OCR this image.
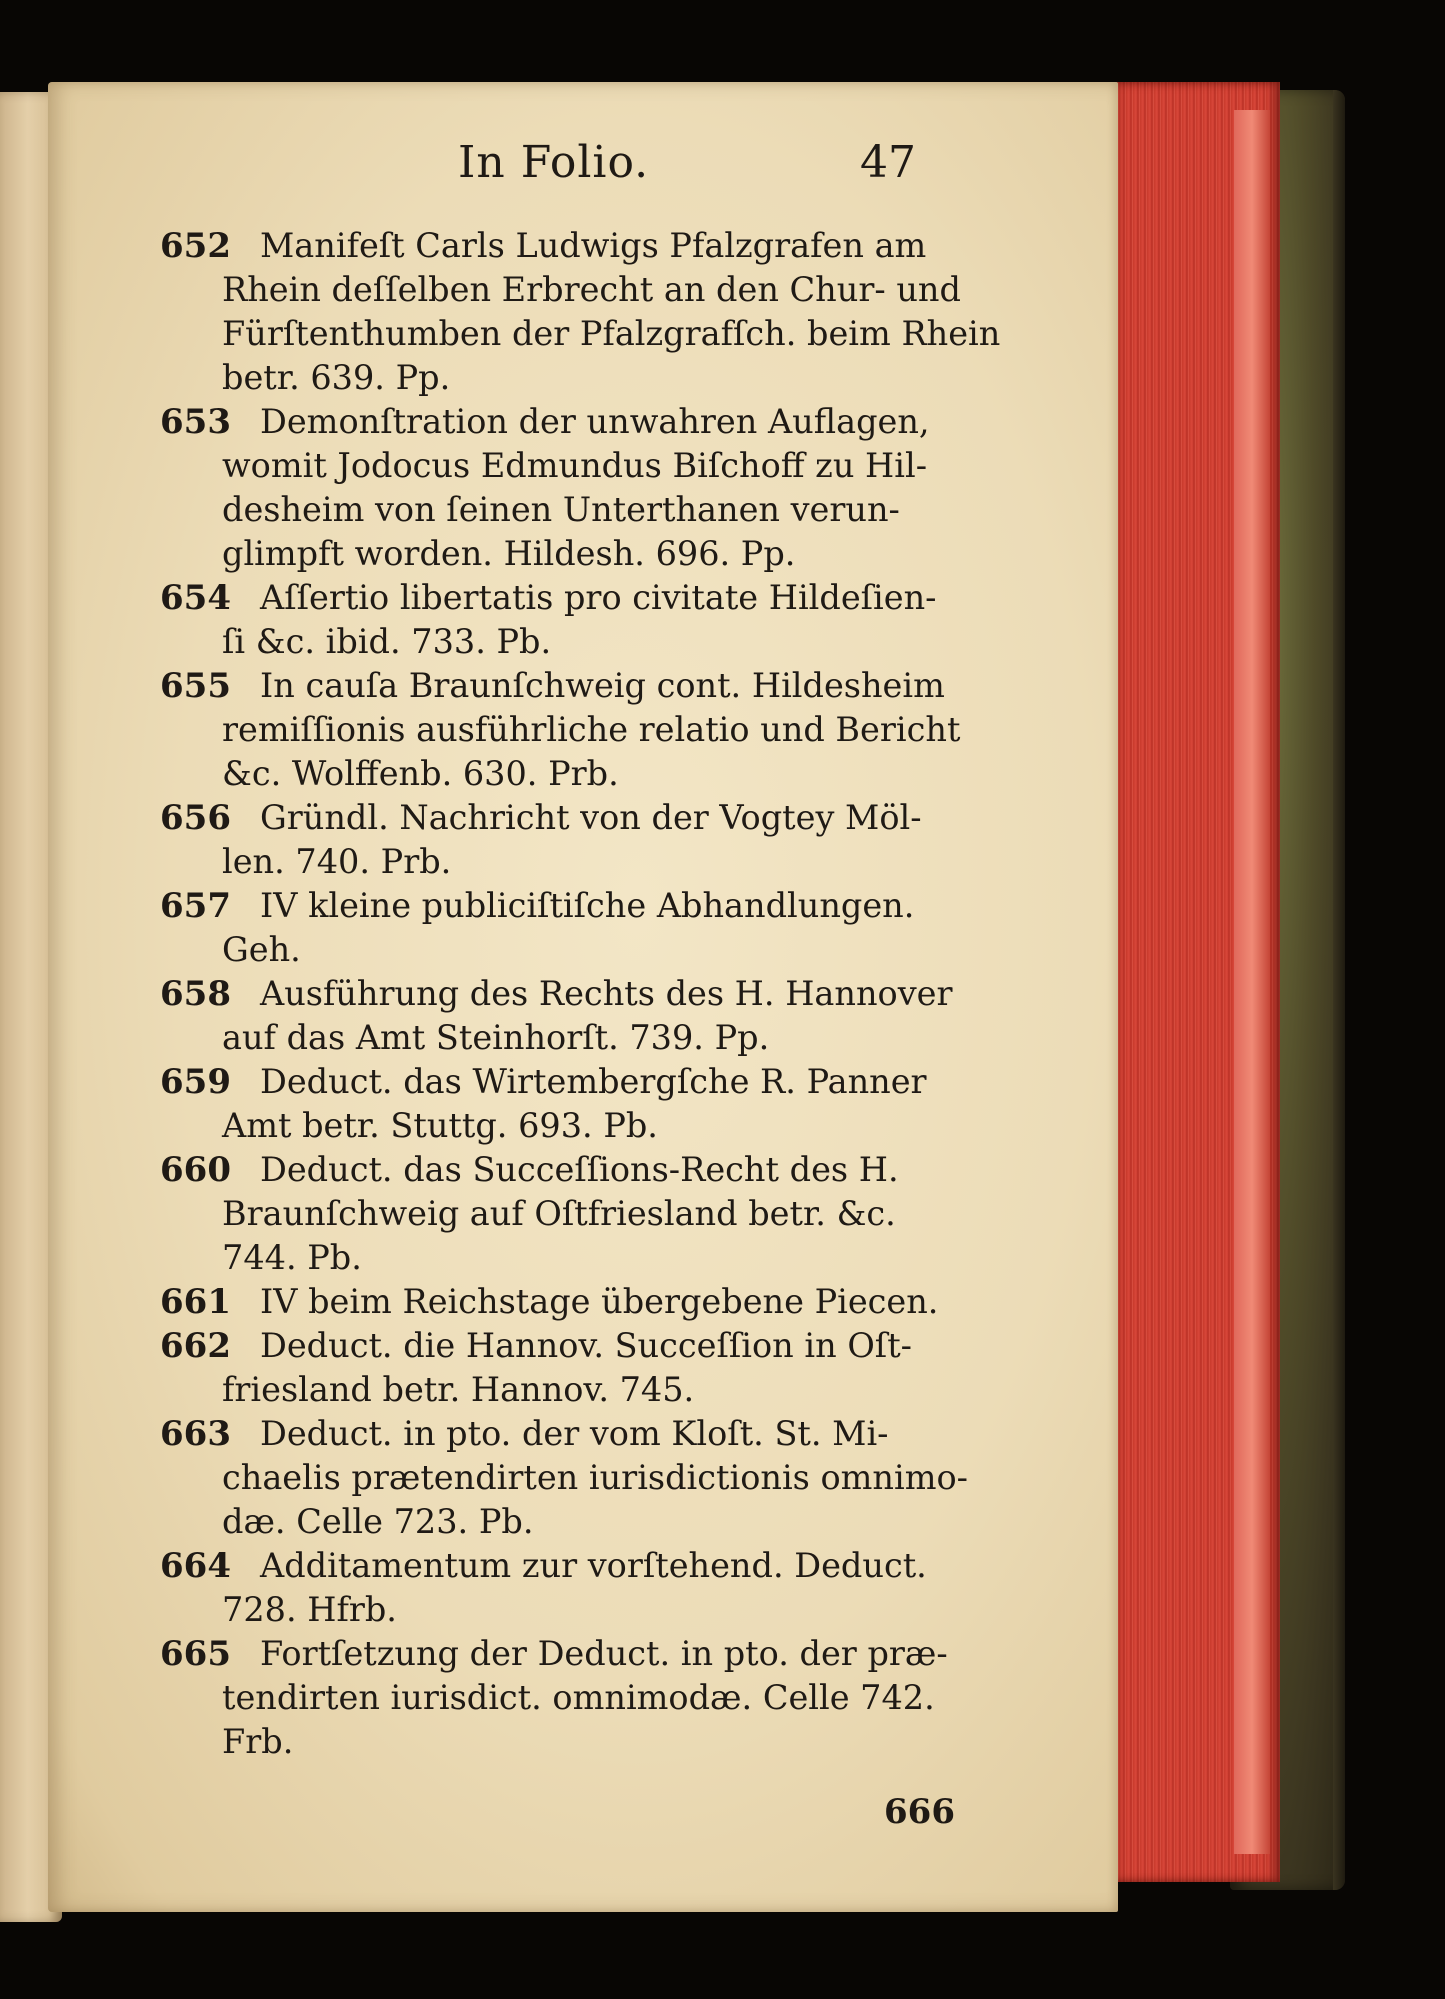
In Folio.	47
652 Manifeſt Carls Ludwigs Pfalzgrafen am
Rhein deſſelben Erbrecht an den Chur- und
Fürſtenthumben der Pfalzgrafſch. beim Rhein
betr. 639. Pp.
653 Demonſtration der unwahren Auflagen,
womit Jodocus Edmundus Biſchoff zu Hil-
desheim von ſeinen Unterthanen verun-
glimpft worden. Hildesh. 696. Pp.
654 Aſſertio libertatis pro civitate Hildeſien-
ſi &c. ibid. 733. Pb.
655 In cauſa Braunſchweig cont. Hildesheim
remiſſionis ausführliche relatio und Bericht
&c. Wolffenb. 630. Prb.
656 Gründl. Nachricht von der Vogtey Möl-
len. 740. Prb.
657 IV kleine publiciſtiſche Abhandlungen.
Geh.
658 Ausführung des Rechts des H. Hannover
auf das Amt Steinhorſt. 739. Pp.
659 Deduct. das Wirtembergſche R. Panner
Amt betr. Stuttg. 693. Pb.
660 Deduct. das Succeſſions-Recht des H.
Braunſchweig auf Oſtfriesland betr. &c.
744. Pb.
661 IV beim Reichstage übergebene Piecen.
662 Deduct. die Hannov. Succeſſion in Oſt-
friesland betr. Hannov. 745.
663 Deduct. in pto. der vom Kloſt. St. Mi-
chaelis prætendirten iurisdictionis omnimo-
dæ. Celle 723. Pb.
664 Additamentum zur vorſtehend. Deduct.
728. Hfrb.
665 Fortſetzung der Deduct. in pto. der præ-
tendirten iurisdict. omnimodæ. Celle 742.
Frb.
666
